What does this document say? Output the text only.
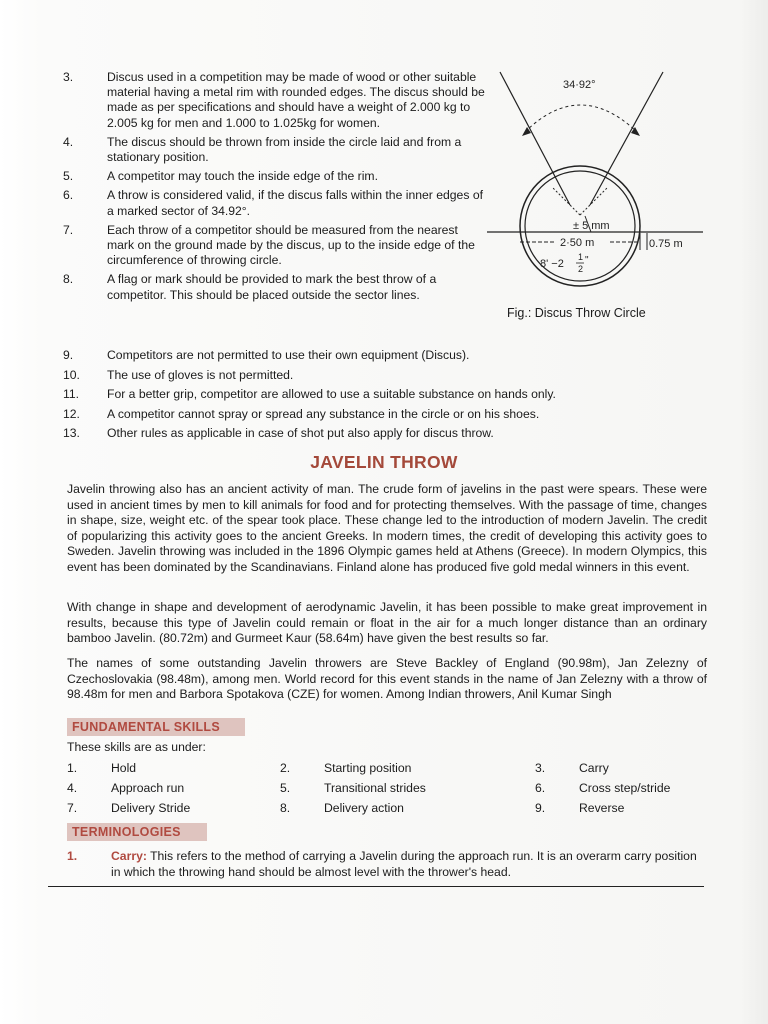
3.	Discus used in a competition may be made of wood or other suitable material having a metal rim with rounded edges. The discus should be made as per specifications and should have a weight of 2.000 kg to 2.005 kg for men and 1.000 to 1.025kg for women.
4.	The discus should be thrown from inside the circle laid and from a stationary position.
5.	A competitor may touch the inside edge of the rim.
6.	A throw is considered valid, if the discus falls within the inner edges of a marked sector of 34.92°.
7.	Each throw of a competitor should be measured from the nearest mark on the ground made by the discus, up to the inside edge of the circumference of throwing circle.
8.	A flag or mark should be provided to mark the best throw of a competitor. This should be placed outside the sector lines.
34·92°
± 5 mm
2·50 m	0.75 m
8' −2
1
2
"
Fig.: Discus Throw Circle
9.	Competitors are not permitted to use their own equipment (Discus).
10.	The use of gloves is not permitted.
11.	For a better grip, competitor are allowed to use a suitable substance on hands only.
12.	A competitor cannot spray or spread any substance in the circle or on his shoes.
13.	Other rules as applicable in case of shot put also apply for discus throw.
JAVELIN THROW
Javelin throwing also has an ancient activity of man. The crude form of javelins in the past were spears. These were used in ancient times by men to kill animals for food and for protecting themselves. With the passage of time, changes in shape, size, weight etc. of the spear took place. These change led to the introduction of modern Javelin. The credit of popularizing this activity goes to the ancient Greeks. In modern times, the credit of developing this activity goes to Sweden. Javelin throwing was included in the 1896 Olympic games held at Athens (Greece). In modern Olympics, this event has been dominated by the Scandinavians. Finland alone has produced five gold medal winners in this event.
With change in shape and development of aerodynamic Javelin, it has been possible to make great improvement in results, because this type of Javelin could remain or float in the air for a much longer distance than an ordinary bamboo Javelin. (80.72m) and Gurmeet Kaur (58.64m) have given the best results so far.
The names of some outstanding Javelin throwers are Steve Backley of England (90.98m), Jan Zelezny of Czechoslovakia (98.48m), among men. World record for this event stands in the name of Jan Zelezny with a throw of 98.48m for men and Barbora Spotakova (CZE) for women. Among Indian throwers, Anil Kumar Singh
FUNDAMENTAL SKILLS
These skills are as under:
1.	Hold	2.	Starting position	3.	Carry
4.	Approach run	5.	Transitional strides	6.	Cross step/stride
7.	Delivery Stride	8.	Delivery action	9.	Reverse
TERMINOLOGIES
1.	Carry: This refers to the method of carrying a Javelin during the approach run. It is an overarm carry position in which the throwing hand should be almost level with the thrower's head.
